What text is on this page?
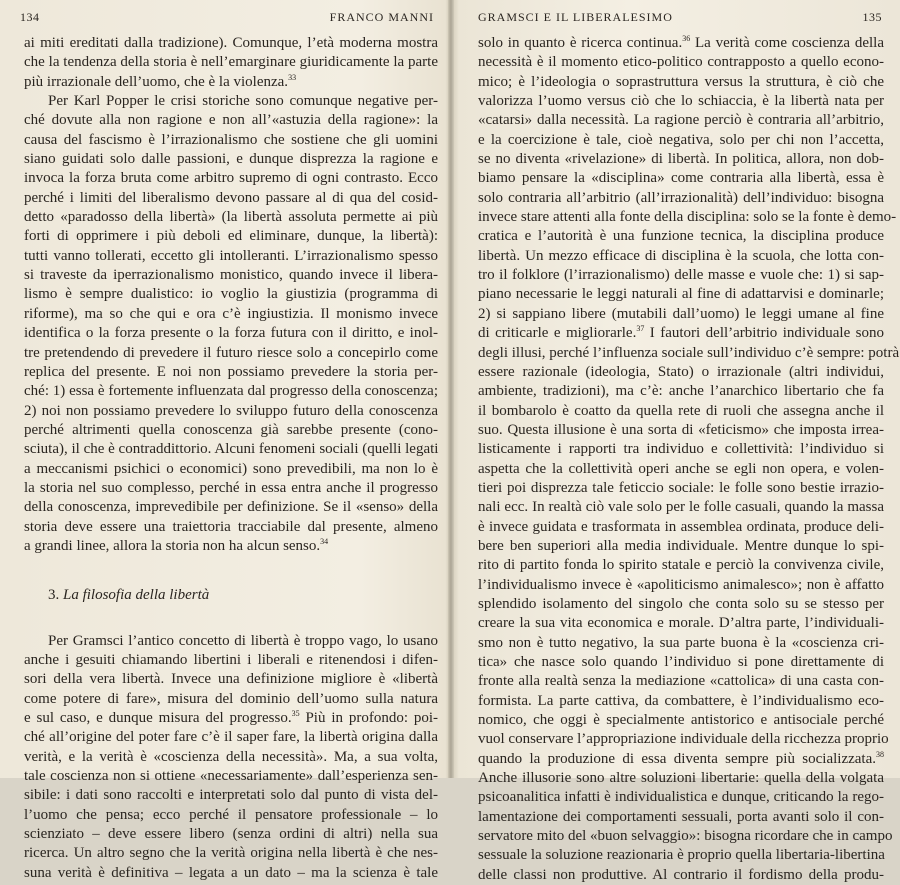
134	FRANCO MANNI

ai miti ereditati dalla tradizione). Comunque, l’età moderna mostra
che la tendenza della storia è nell’emarginare giuridicamente la parte
più irrazionale dell’uomo, che è la violenza.$^{33}$

Per Karl Popper le crisi storiche sono comunque negative per-
ché dovute alla non ragione e non all’«astuzia della ragione»: la
causa del fascismo è l’irrazionalismo che sostiene che gli uomini
siano guidati solo dalle passioni, e dunque disprezza la ragione e
invoca la forza bruta come arbitro supremo di ogni contrasto. Ecco
perché i limiti del liberalismo devono passare al di qua del cosid-
detto «paradosso della libertà» (la libertà assoluta permette ai più
forti di opprimere i più deboli ed eliminare, dunque, la libertà):
tutti vanno tollerati, eccetto gli intolleranti. L’irrazionalismo spesso
si traveste da iperrazionalismo monistico, quando invece il libera-
lismo è sempre dualistico: io voglio la giustizia (programma di
riforme), ma so che qui e ora c’è ingiustizia. Il monismo invece
identifica o la forza presente o la forza futura con il diritto, e inol-
tre pretendendo di prevedere il futuro riesce solo a concepirlo come
replica del presente. E noi non possiamo prevedere la storia per-
ché: 1) essa è fortemente influenzata dal progresso della conoscenza;
2) noi non possiamo prevedere lo sviluppo futuro della conoscenza
perché altrimenti quella conoscenza già sarebbe presente (cono-
sciuta), il che è contraddittorio. Alcuni fenomeni sociali (quelli legati
a meccanismi psichici o economici) sono prevedibili, ma non lo è
la storia nel suo complesso, perché in essa entra anche il progresso
della conoscenza, imprevedibile per definizione. Se il «senso» della
storia deve essere una traiettoria tracciabile dal presente, almeno
a grandi linee, allora la storia non ha alcun senso.$^{34}$

3. La filosofia della libertà

Per Gramsci l’antico concetto di libertà è troppo vago, lo usano
anche i gesuiti chiamando libertini i liberali e ritenendosi i difen-
sori della vera libertà. Invece una definizione migliore è «libertà
come potere di fare», misura del dominio dell’uomo sulla natura
e sul caso, e dunque misura del progresso.$^{35}$ Più in profondo: poi-
ché all’origine del poter fare c’è il saper fare, la libertà origina dalla
verità, e la verità è «coscienza della necessità». Ma, a sua volta,
tale coscienza non si ottiene «necessariamente» dall’esperienza sen-
sibile: i dati sono raccolti e interpretati solo dal punto di vista del-
l’uomo che pensa; ecco perché il pensatore professionale – lo
scienziato – deve essere libero (senza ordini di altri) nella sua
ricerca. Un altro segno che la verità origina nella libertà è che nes-
suna verità è definitiva – legata a un dato – ma la scienza è tale

GRAMSCI E IL LIBERALESIMO	135

solo in quanto è ricerca continua.$^{36}$ La verità come coscienza della
necessità è il momento etico-politico contrapposto a quello econo-
mico; è l’ideologia o soprastruttura versus la struttura, è ciò che
valorizza l’uomo versus ciò che lo schiaccia, è la libertà nata per
«catarsi» dalla necessità. La ragione perciò è contraria all’arbitrio,
e la coercizione è tale, cioè negativa, solo per chi non l’accetta,
se no diventa «rivelazione» di libertà. In politica, allora, non dob-
biamo pensare la «disciplina» come contraria alla libertà, essa è
solo contraria all’arbitrio (all’irrazionalità) dell’individuo: bisogna
invece stare attenti alla fonte della disciplina: solo se la fonte è demo-
cratica e l’autorità è una funzione tecnica, la disciplina produce
libertà. Un mezzo efficace di disciplina è la scuola, che lotta con-
tro il folklore (l’irrazionalismo) delle masse e vuole che: 1) si sap-
piano necessarie le leggi naturali al fine di adattarvisi e dominarle;
2) si sappiano libere (mutabili dall’uomo) le leggi umane al fine
di criticarle e migliorarle.$^{37}$ I fautori dell’arbitrio individuale sono
degli illusi, perché l’influenza sociale sull’individuo c’è sempre: potrà
essere razionale (ideologia, Stato) o irrazionale (altri individui,
ambiente, tradizioni), ma c’è: anche l’anarchico libertario che fa
il bombarolo è coatto da quella rete di ruoli che assegna anche il
suo. Questa illusione è una sorta di «feticismo» che impostа irrea-
listicamente i rapporti tra individuo e collettività: l’individuo si
aspetta che la collettività operi anche se egli non opera, e volen-
tieri poi disprezza tale feticcio sociale: le folle sono bestie irrazio-
nali ecc. In realtà ciò vale solo per le folle casuali, quando la massa
è invece guidata e trasformata in assemblea ordinata, produce deli-
bere ben superiori alla media individuale. Mentre dunque lo spi-
rito di partito fonda lo spirito statale e perciò la convivenza civile,
l’individualismo invece è «apoliticismo animalesco»; non è affatto
splendido isolamento del singolo che conta solo su se stesso per
creare la sua vita economica e morale. D’altra parte, l’individuali-
smo non è tutto negativo, la sua parte buona è la «coscienza cri-
tica» che nasce solo quando l’individuo si pone direttamente di
fronte alla realtà senza la mediazione «cattolica» di una casta con-
formista. La parte cattiva, da combattere, è l’individualismo eco-
nomico, che oggi è specialmente antistorico e antisociale perché
vuol conservare l’appropriazione individuale della ricchezza proprio
quando la produzione di essa diventa sempre più socializzata.$^{38}$
Anche illusorie sono altre soluzioni libertarie: quella della volgata
psicoanalitica infatti è individualistica e dunque, criticando la rego-
lamentazione dei comportamenti sessuali, porta avanti solo il con-
servatore mito del «buon selvaggio»: bisogna ricordare che in campo
sessuale la soluzione reazionaria è proprio quella libertaria-libertina
delle classi non produttive. Al contrario il fordismo della produ-
